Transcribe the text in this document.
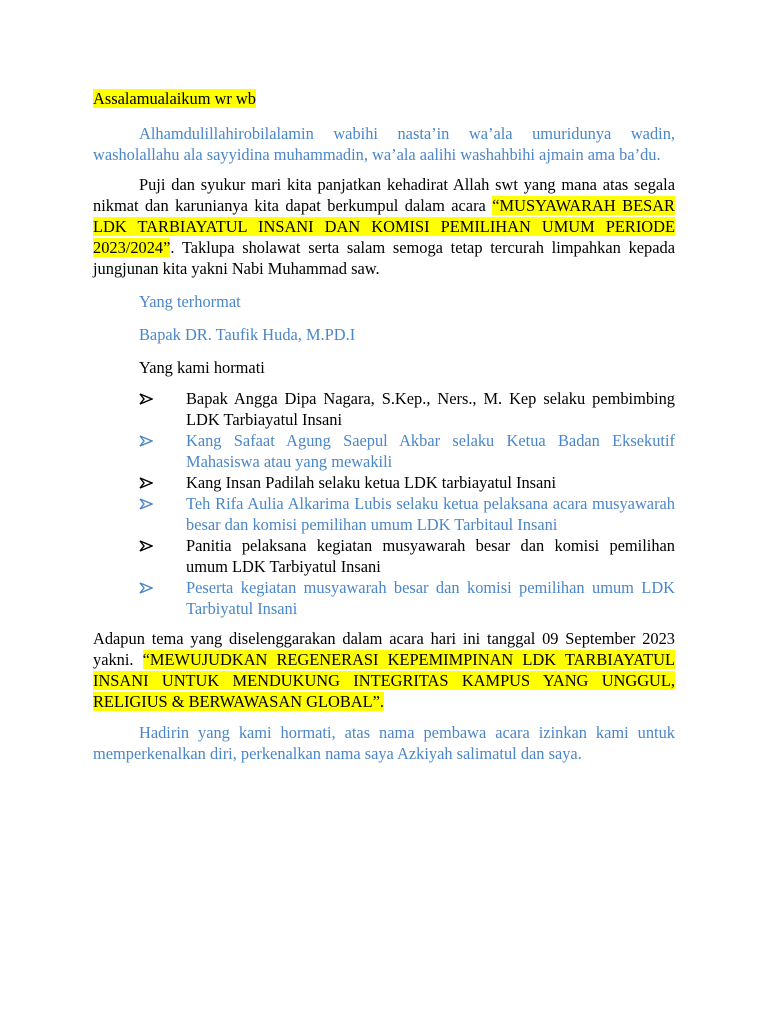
Assalamualaikum wr wb

Alhamdulillahirobilalamin wabihi nasta’in wa’ala umuridunya wadin, washolallahu ala sayyidina muhammadin, wa’ala aalihi washahbihi ajmain ama ba’du.

Puji dan syukur mari kita panjatkan kehadirat Allah swt yang mana atas segala nikmat dan karunianya kita dapat berkumpul dalam acara “MUSYAWARAH BESAR LDK TARBIAYATUL INSANI DAN KOMISI PEMILIHAN UMUM PERIODE 2023/2024”. Taklupa sholawat serta salam semoga tetap tercurah limpahkan kepada jungjunan kita yakni Nabi Muhammad saw.

Yang terhormat

Bapak DR. Taufik Huda, M.PD.I

Yang kami hormati

Bapak Angga Dipa Nagara, S.Kep., Ners., M. Kep selaku pembimbing LDK Tarbiayatul Insani
Kang Safaat Agung Saepul Akbar selaku Ketua Badan Eksekutif Mahasiswa atau yang mewakili
Kang Insan Padilah selaku ketua LDK tarbiayatul Insani
Teh Rifa Aulia Alkarima Lubis selaku ketua pelaksana acara musyawarah besar dan komisi pemilihan umum LDK Tarbitaul Insani
Panitia pelaksana kegiatan musyawarah besar dan komisi pemilihan umum LDK Tarbiyatul Insani
Peserta kegiatan musyawarah besar dan komisi pemilihan umum LDK Tarbiyatul Insani

Adapun tema yang diselenggarakan dalam acara hari ini tanggal 09 September 2023 yakni. “MEWUJUDKAN REGENERASI KEPEMIMPINAN LDK TARBIAYATUL INSANI UNTUK MENDUKUNG INTEGRITAS KAMPUS YANG UNGGUL, RELIGIUS & BERWAWASAN GLOBAL”.

Hadirin yang kami hormati, atas nama pembawa acara izinkan kami untuk memperkenalkan diri, perkenalkan nama saya Azkiyah salimatul dan saya.
